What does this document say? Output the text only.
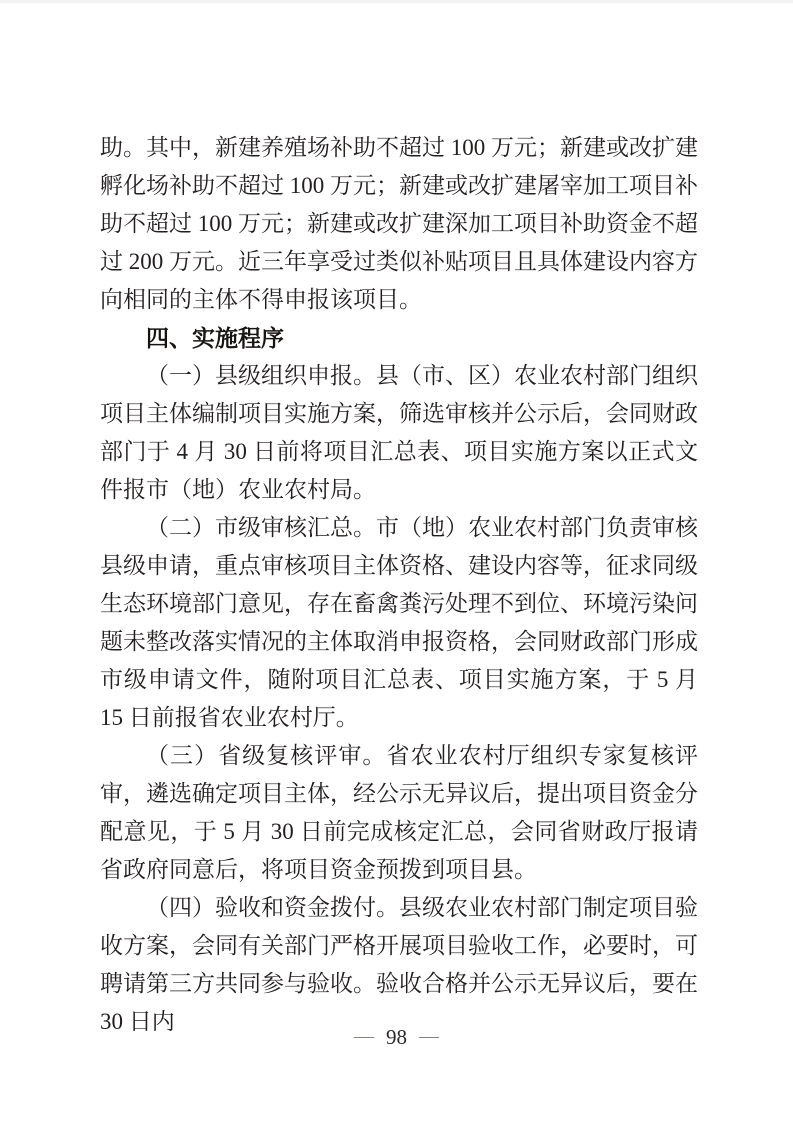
助。其中，新建养殖场补助不超过 100 万元；新建或改扩建孵化场补助不超过 100 万元；新建或改扩建屠宰加工项目补助不超过 100 万元；新建或改扩建深加工项目补助资金不超过 200 万元。近三年享受过类似补贴项目且具体建设内容方向相同的主体不得申报该项目。

四、实施程序

（一）县级组织申报。县（市、区）农业农村部门组织项目主体编制项目实施方案，筛选审核并公示后，会同财政部门于 4 月 30 日前将项目汇总表、项目实施方案以正式文件报市（地）农业农村局。

（二）市级审核汇总。市（地）农业农村部门负责审核县级申请，重点审核项目主体资格、建设内容等，征求同级生态环境部门意见，存在畜禽粪污处理不到位、环境污染问题未整改落实情况的主体取消申报资格，会同财政部门形成市级申请文件，随附项目汇总表、项目实施方案，于 5 月 15 日前报省农业农村厅。

（三）省级复核评审。省农业农村厅组织专家复核评审，遴选确定项目主体，经公示无异议后，提出项目资金分配意见，于 5 月 30 日前完成核定汇总，会同省财政厅报请省政府同意后，将项目资金预拨到项目县。

（四）验收和资金拨付。县级农业农村部门制定项目验收方案，会同有关部门严格开展项目验收工作，必要时，可聘请第三方共同参与验收。验收合格并公示无异议后，要在 30 日内

— 98 —
